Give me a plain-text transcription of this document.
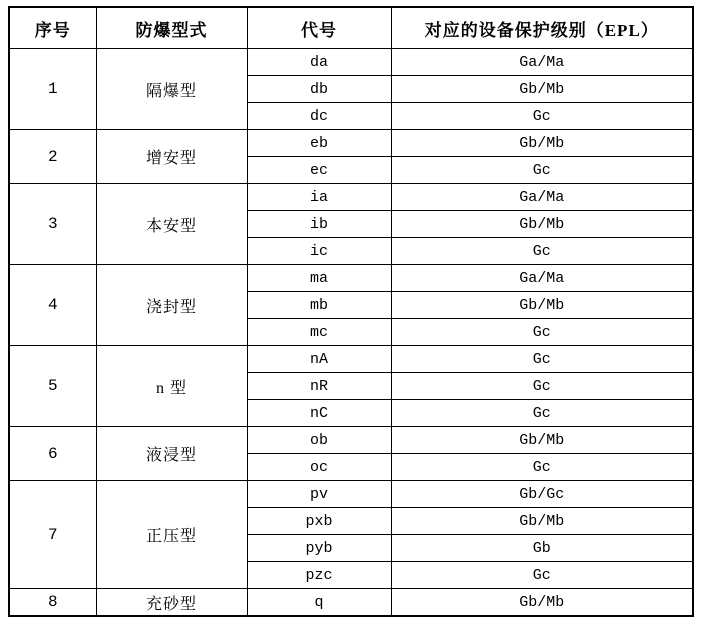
序号	防爆型式	代号	对应的设备保护级别（EPL）
1	隔爆型	da	Ga/Ma
		db	Gb/Mb
		dc	Gc
2	增安型	eb	Gb/Mb
		ec	Gc
3	本安型	ia	Ga/Ma
		ib	Gb/Mb
		ic	Gc
4	浇封型	ma	Ga/Ma
		mb	Gb/Mb
		mc	Gc
5	n 型	nA	Gc
		nR	Gc
		nC	Gc
6	液浸型	ob	Gb/Mb
		oc	Gc
7	正压型	pv	Gb/Gc
		pxb	Gb/Mb
		pyb	Gb
		pzc	Gc
8	充砂型	q	Gb/Mb
